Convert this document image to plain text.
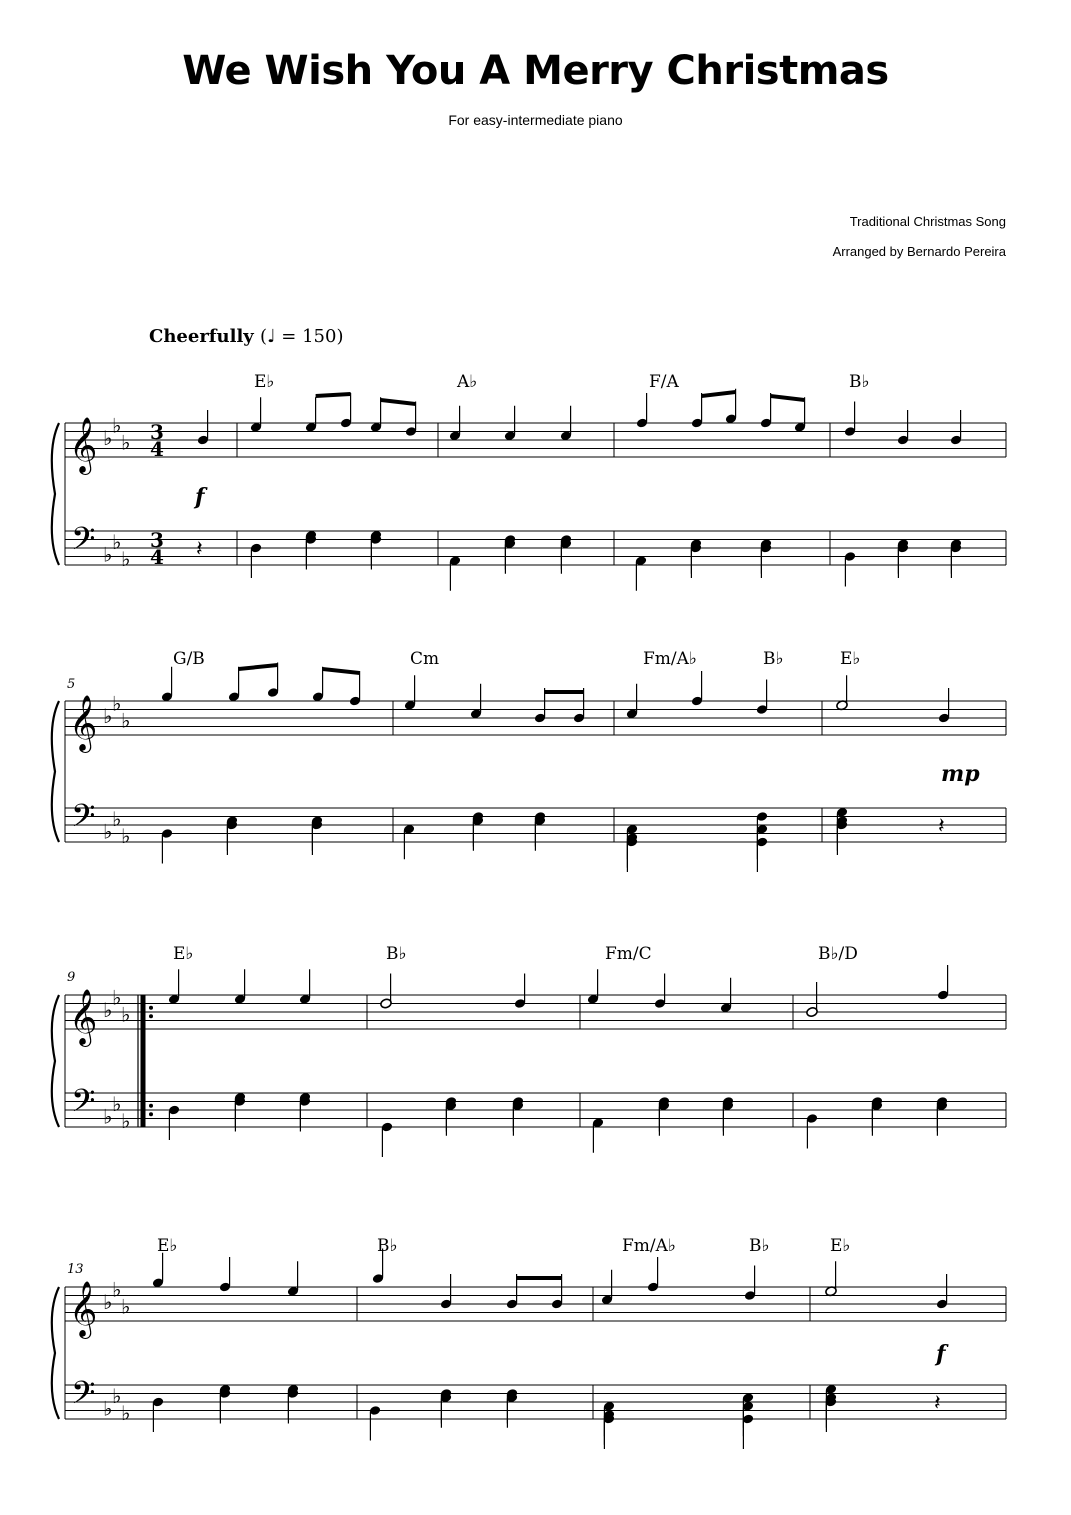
We Wish You A Merry Christmas
For easy-intermediate piano
Traditional Christmas Song
Arranged by Bernardo Pereira
Cheerfully (♩ = 150)
𝄞
𝄢
♭
♭
♭
♭
♭
♭
3
4
3
4
E♭	A♭	F/A	B♭
f
𝄞
𝄢
♭
♭
♭
♭
♭
♭
5
G/B	Cm	Fm/A♭	B♭	E♭
mp
𝄞
𝄢
♭
♭
♭
♭
♭
♭
9
E♭	B♭	Fm/C	B♭/D
𝄞
𝄢
♭
♭
♭
♭
♭
♭
13
E♭	B♭	Fm/A♭	B♭	E♭
f
𝄽
𝄽
𝄽
